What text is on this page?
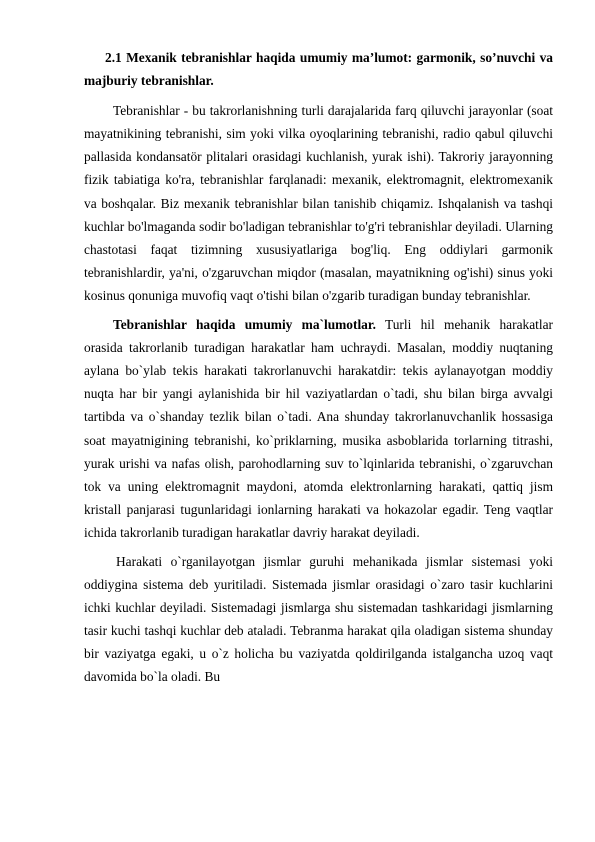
2.1 Mexanik tebranishlar haqida umumiy ma’lumot: garmonik, so’nuvchi va majburiy tebranishlar.

Tebranishlar - bu takrorlanishning turli darajalarida farq qiluvchi jarayonlar (soat mayatnikining tebranishi, sim yoki vilka oyoqlarining tebranishi, radio qabul qiluvchi pallasida kondansatör plitalari orasidagi kuchlanish, yurak ishi). Takroriy jarayonning fizik tabiatiga ko'ra, tebranishlar farqlanadi: mexanik, elektromagnit, elektromexanik va boshqalar. Biz mexanik tebranishlar bilan tanishib chiqamiz. Ishqalanish va tashqi kuchlar bo'lmaganda sodir bo'ladigan tebranishlar to'g'ri tebranishlar deyiladi. Ularning chastotasi faqat tizimning xususiyatlariga bog'liq. Eng oddiylari garmonik tebranishlardir, ya'ni, o'zgaruvchan miqdor (masalan, mayatnikning og'ishi) sinus yoki kosinus qonuniga muvofiq vaqt o'tishi bilan o'zgarib turadigan bunday tebranishlar.

Tebranishlar haqida umumiy ma`lumotlar. Turli hil mehanik harakatlar orasida takrorlanib turadigan harakatlar ham uchraydi. Masalan, moddiy nuqtaning aylana bo`ylab tekis harakati takrorlanuvchi harakatdir: tekis aylanayotgan moddiy nuqta har bir yangi aylanishida bir hil vaziyatlardan o`tadi, shu bilan birga avvalgi tartibda va o`shanday tezlik bilan o`tadi. Ana shunday takrorlanuvchanlik hossasiga soat mayatnigining tebranishi, ko`priklarning, musika asboblarida torlarning titrashi, yurak urishi va nafas olish, parohodlarning suv to`lqinlarida tebranishi, o`zgaruvchan tok va uning elektromagnit maydoni, atomda elektronlarning harakati, qattiq jism kristall panjarasi tugunlaridagi ionlarning harakati va hokazolar egadir. Teng vaqtlar ichida takrorlanib turadigan harakatlar davriy harakat deyiladi.

Harakati o`rganilayotgan jismlar guruhi mehanikada jismlar sistemasi yoki oddiygina sistema deb yuritiladi. Sistemada jismlar orasidagi o`zaro tasir kuchlarini ichki kuchlar deyiladi. Sistemadagi jismlarga shu sistemadan tashkaridagi jismlarning tasir kuchi tashqi kuchlar deb ataladi. Tebranma harakat qila oladigan sistema shunday bir vaziyatga egaki, u o`z holicha bu vaziyatda qoldirilganda istalgancha uzoq vaqt davomida bo`la oladi. Bu
